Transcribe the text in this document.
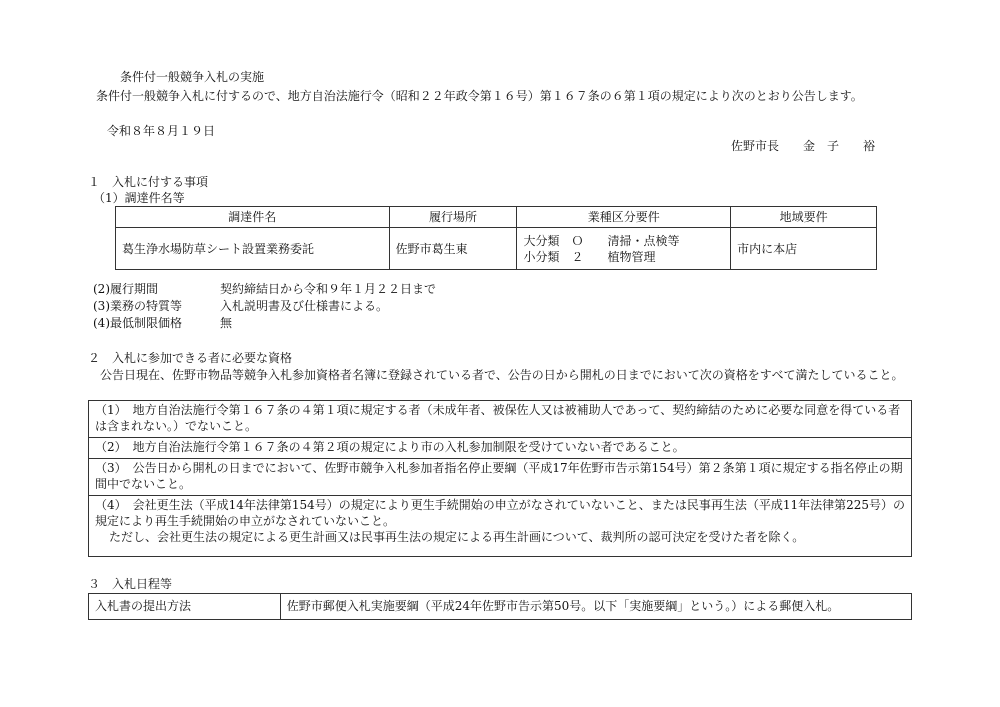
条件付一般競争入札の実施
条件付一般競争入札に付するので、地方自治法施行令（昭和２２年政令第１６号）第１６７条の６第１項の規定により次のとおり公告します。
令和８年８月１９日
佐野市長　　金　子　　裕
１　入札に付する事項
（1）調達件名等
調達件名	履行場所	業種区分要件	地域要件
葛生浄水場防草シート設置業務委託	佐野市葛生東	大分類　Ｏ　　清掃・点検等
小分類　２　　植物管理	市内に本店
(2)履行期間	契約締結日から令和９年１月２２日まで
(3)業務の特質等	入札説明書及び仕様書による。
(4)最低制限価格	無
２　入札に参加できる者に必要な資格
公告日現在、佐野市物品等競争入札参加資格者名簿に登録されている者で、公告の日から開札の日までにおいて次の資格をすべて満たしていること。

（1）　地方自治法施行令第１６７条の４第１項に規定する者（未成年者、被保佐人又は被補助人であって、契約締結のために必要な同意を得ている者は含まれない。）でないこと。

（2）　地方自治法施行令第１６７条の４第２項の規定により市の入札参加制限を受けていない者であること。

（3）　公告日から開札の日までにおいて、佐野市競争入札参加者指名停止要綱（平成17年佐野市告示第154号）第２条第１項に規定する指名停止の期間中でないこと。

（4）　会社更生法（平成14年法律第154号）の規定により更生手続開始の申立がなされていないこと、または民事再生法（平成11年法律第225号）の規定により再生手続開始の申立がなされていないこと。

ただし、会社更生法の規定による更生計画又は民事再生法の規定による再生計画について、裁判所の認可決定を受けた者を除く。

３　入札日程等
入札書の提出方法	佐野市郵便入札実施要綱（平成24年佐野市告示第50号。以下「実施要綱」という。）による郵便入札。
